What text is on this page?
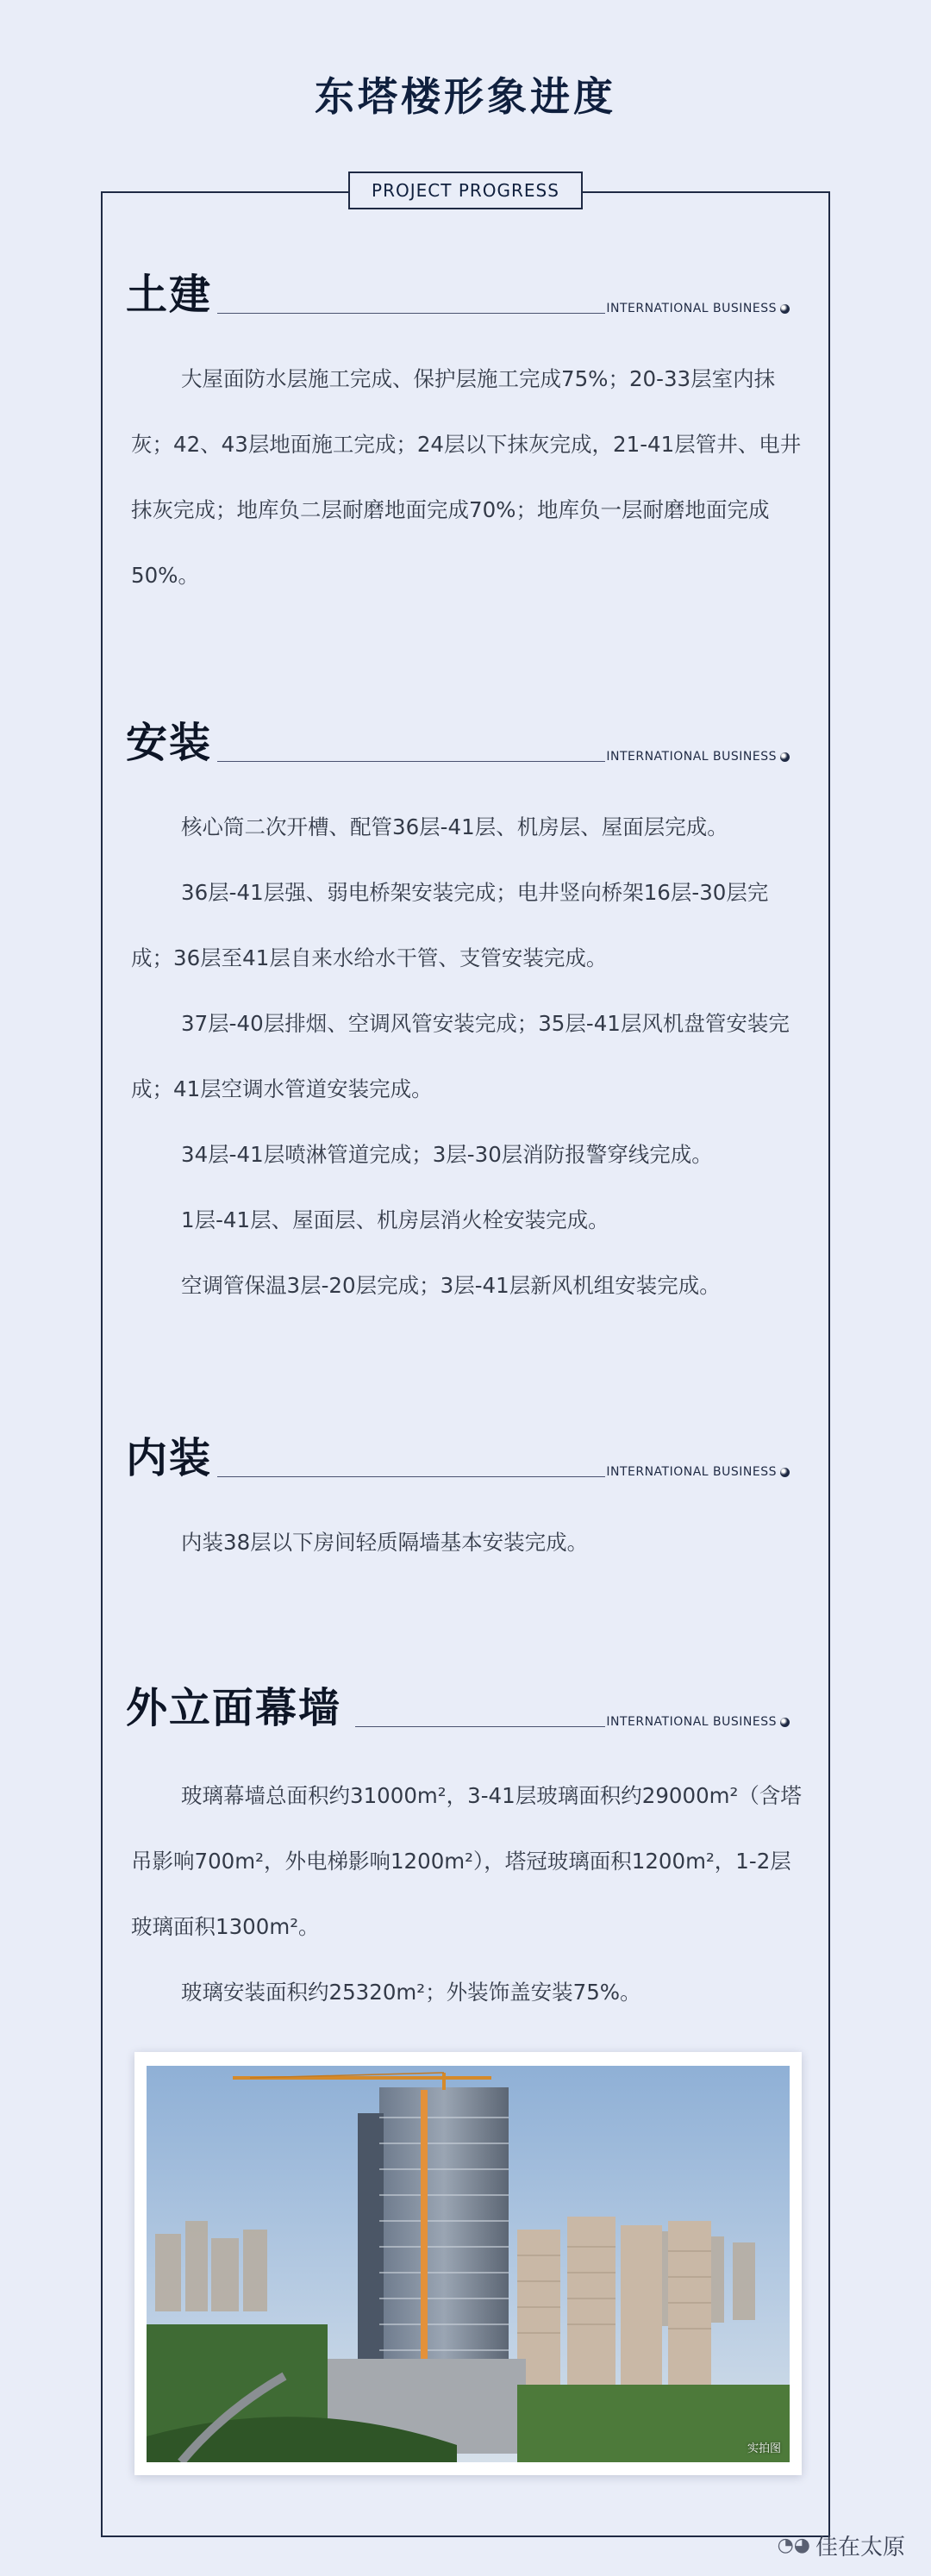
东塔楼形象进度
PROJECT PROGRESS
土建	INTERNATIONAL BUSINESS

大屋面防水层施工完成、保护层施工完成75%；20-33层室内抹灰；42、43层地面施工完成；24层以下抹灰完成，21-41层管井、电井抹灰完成；地库负二层耐磨地面完成70%；地库负一层耐磨地面完成50%。

安装	INTERNATIONAL BUSINESS

核心筒二次开槽、配管36层-41层、机房层、屋面层完成。

36层-41层强、弱电桥架安装完成；电井竖向桥架16层-30层完成；36层至41层自来水给水干管、支管安装完成。

37层-40层排烟、空调风管安装完成；35层-41层风机盘管安装完成；41层空调水管道安装完成。

34层-41层喷淋管道完成；3层-30层消防报警穿线完成。

1层-41层、屋面层、机房层消火栓安装完成。

空调管保温3层-20层完成；3层-41层新风机组安装完成。

内装	INTERNATIONAL BUSINESS

内装38层以下房间轻质隔墙基本安装完成。

外立面幕墙	INTERNATIONAL BUSINESS

玻璃幕墙总面积约31000m²，3-41层玻璃面积约29000m²（含塔吊影响700m²，外电梯影响1200m²），塔冠玻璃面积1200m²，1-2层玻璃面积1300m²。

玻璃安装面积约25320m²；外装饰盖安装75%。

实拍图
◔◕ 佳在太原
